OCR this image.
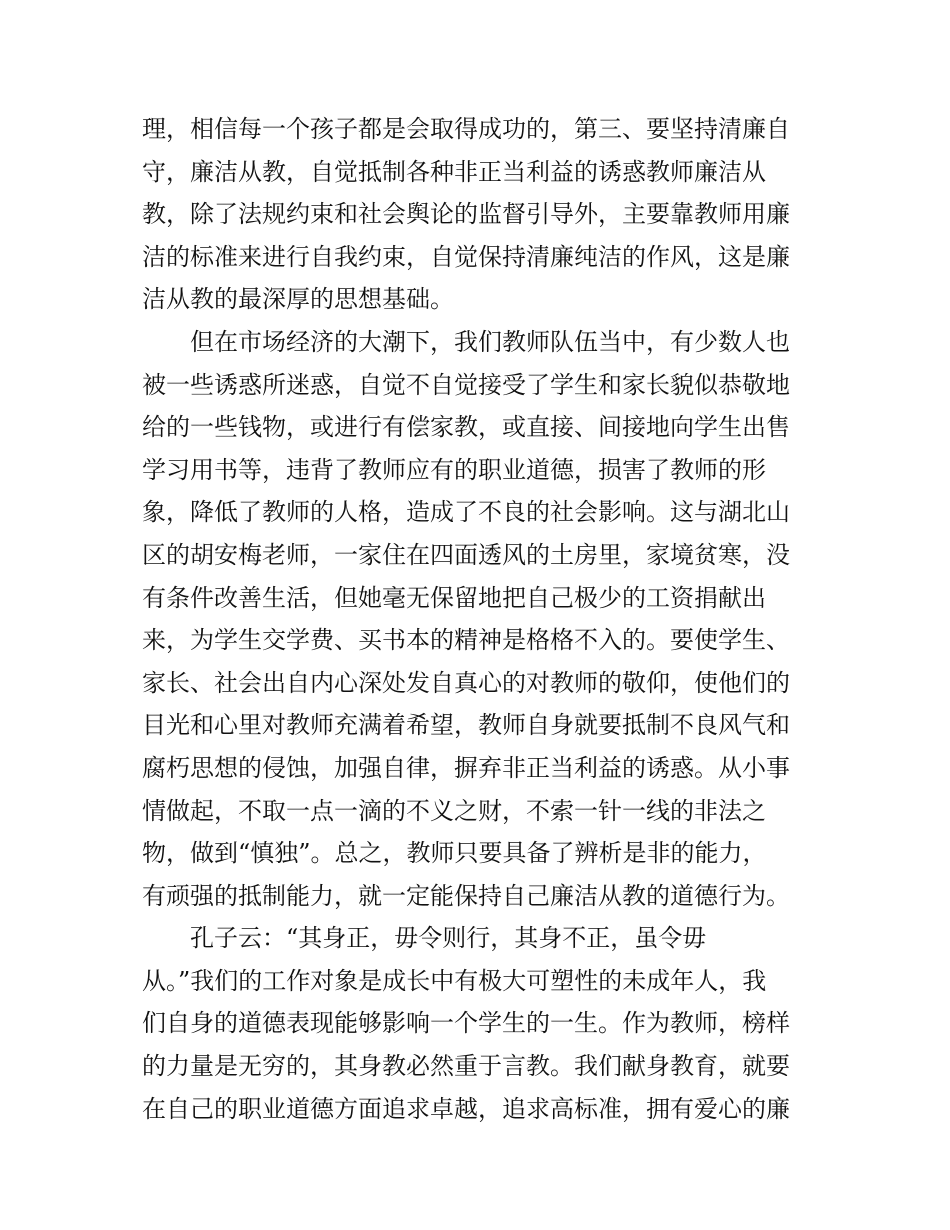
理，相信每一个孩子都是会取得成功的，第三、要坚持清廉自
守，廉洁从教，自觉抵制各种非正当利益的诱惑教师廉洁从
教，除了法规约束和社会舆论的监督引导外，主要靠教师用廉
洁的标准来进行自我约束，自觉保持清廉纯洁的作风，这是廉
洁从教的最深厚的思想基础。
但在市场经济的大潮下，我们教师队伍当中，有少数人也
被一些诱惑所迷惑，自觉不自觉接受了学生和家长貌似恭敬地
给的一些钱物，或进行有偿家教，或直接、间接地向学生出售
学习用书等，违背了教师应有的职业道德，损害了教师的形
象，降低了教师的人格，造成了不良的社会影响。这与湖北山
区的胡安梅老师，一家住在四面透风的土房里，家境贫寒，没
有条件改善生活，但她毫无保留地把自己极少的工资捐献出
来，为学生交学费、买书本的精神是格格不入的。要使学生、
家长、社会出自内心深处发自真心的对教师的敬仰，使他们的
目光和心里对教师充满着希望，教师自身就要抵制不良风气和
腐朽思想的侵蚀，加强自律，摒弃非正当利益的诱惑。从小事
情做起，不取一点一滴的不义之财，不索一针一线的非法之
物，做到“慎独”。总之，教师只要具备了辨析是非的能力，
有顽强的抵制能力，就一定能保持自己廉洁从教的道德行为。
孔子云：“其身正，毋令则行，其身不正，虽令毋
从。”我们的工作对象是成长中有极大可塑性的未成年人，我
们自身的道德表现能够影响一个学生的一生。作为教师，榜样
的力量是无穷的，其身教必然重于言教。我们献身教育，就要
在自己的职业道德方面追求卓越，追求高标准，拥有爱心的廉
